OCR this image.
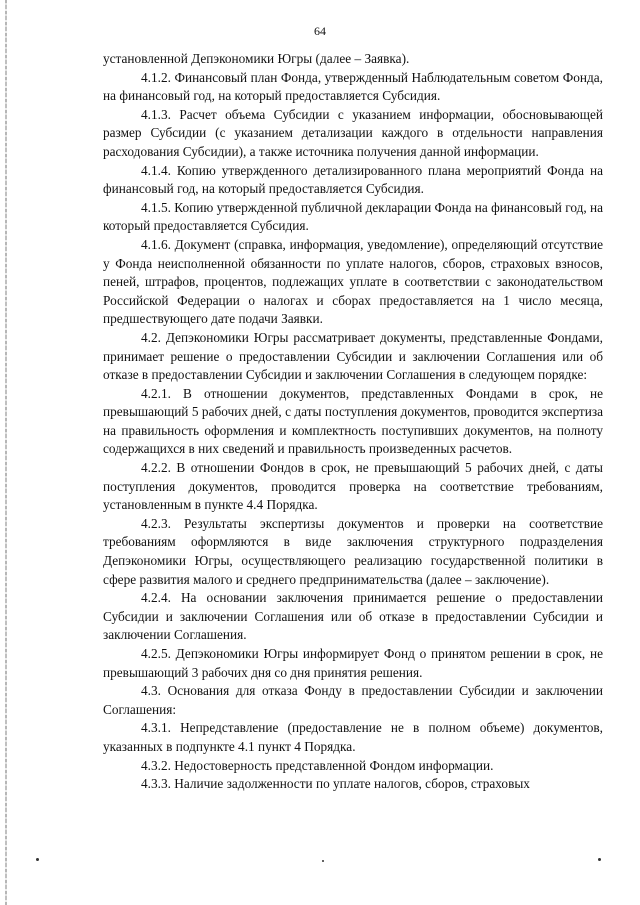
64

установленной Депэкономики Югры (далее – Заявка).

4.1.2. Финансовый план Фонда, утвержденный Наблюдательным советом Фонда, на финансовый год, на который предоставляется Субсидия.

4.1.3. Расчет объема Субсидии с указанием информации, обосновывающей размер Субсидии (с указанием детализации каждого в отдельности направления расходования Субсидии), а также источника получения данной информации.

4.1.4. Копию утвержденного детализированного плана мероприятий Фонда на финансовый год, на который предоставляется Субсидия.

4.1.5. Копию утвержденной публичной декларации Фонда на финансовый год, на который предоставляется Субсидия.

4.1.6. Документ (справка, информация, уведомление), определяющий отсутствие у Фонда неисполненной обязанности по уплате налогов, сборов, страховых взносов, пеней, штрафов, процентов, подлежащих уплате в соответствии с законодательством Российской Федерации о налогах и сборах предоставляется на 1 число месяца, предшествующего дате подачи Заявки.

4.2. Депэкономики Югры рассматривает документы, представленные Фондами, принимает решение о предоставлении Субсидии и заключении Соглашения или об отказе в предоставлении Субсидии и заключении Соглашения в следующем порядке:

4.2.1. В отношении документов, представленных Фондами в срок, не превышающий 5 рабочих дней, с даты поступления документов, проводится экспертиза на правильность оформления и комплектность поступивших документов, на полноту содержащихся в них сведений и правильность произведенных расчетов.

4.2.2. В отношении Фондов в срок, не превышающий 5 рабочих дней, с даты поступления документов, проводится проверка на соответствие требованиям, установленным в пункте 4.4 Порядка.

4.2.3. Результаты экспертизы документов и проверки на соответствие требованиям оформляются в виде заключения структурного подразделения Депэкономики Югры, осуществляющего реализацию государственной политики в сфере развития малого и среднего предпринимательства (далее – заключение).

4.2.4. На основании заключения принимается решение о предоставлении Субсидии и заключении Соглашения или об отказе в предоставлении Субсидии и заключении Соглашения.

4.2.5. Депэкономики Югры информирует Фонд о принятом решении в срок, не превышающий 3 рабочих дня со дня принятия решения.

4.3. Основания для отказа Фонду в предоставлении Субсидии и заключении Соглашения:

4.3.1. Непредставление (предоставление не в полном объеме) документов, указанных в подпункте 4.1 пункт 4 Порядка.

4.3.2. Недостоверность представленной Фондом информации.

4.3.3. Наличие задолженности по уплате налогов, сборов, страховых
